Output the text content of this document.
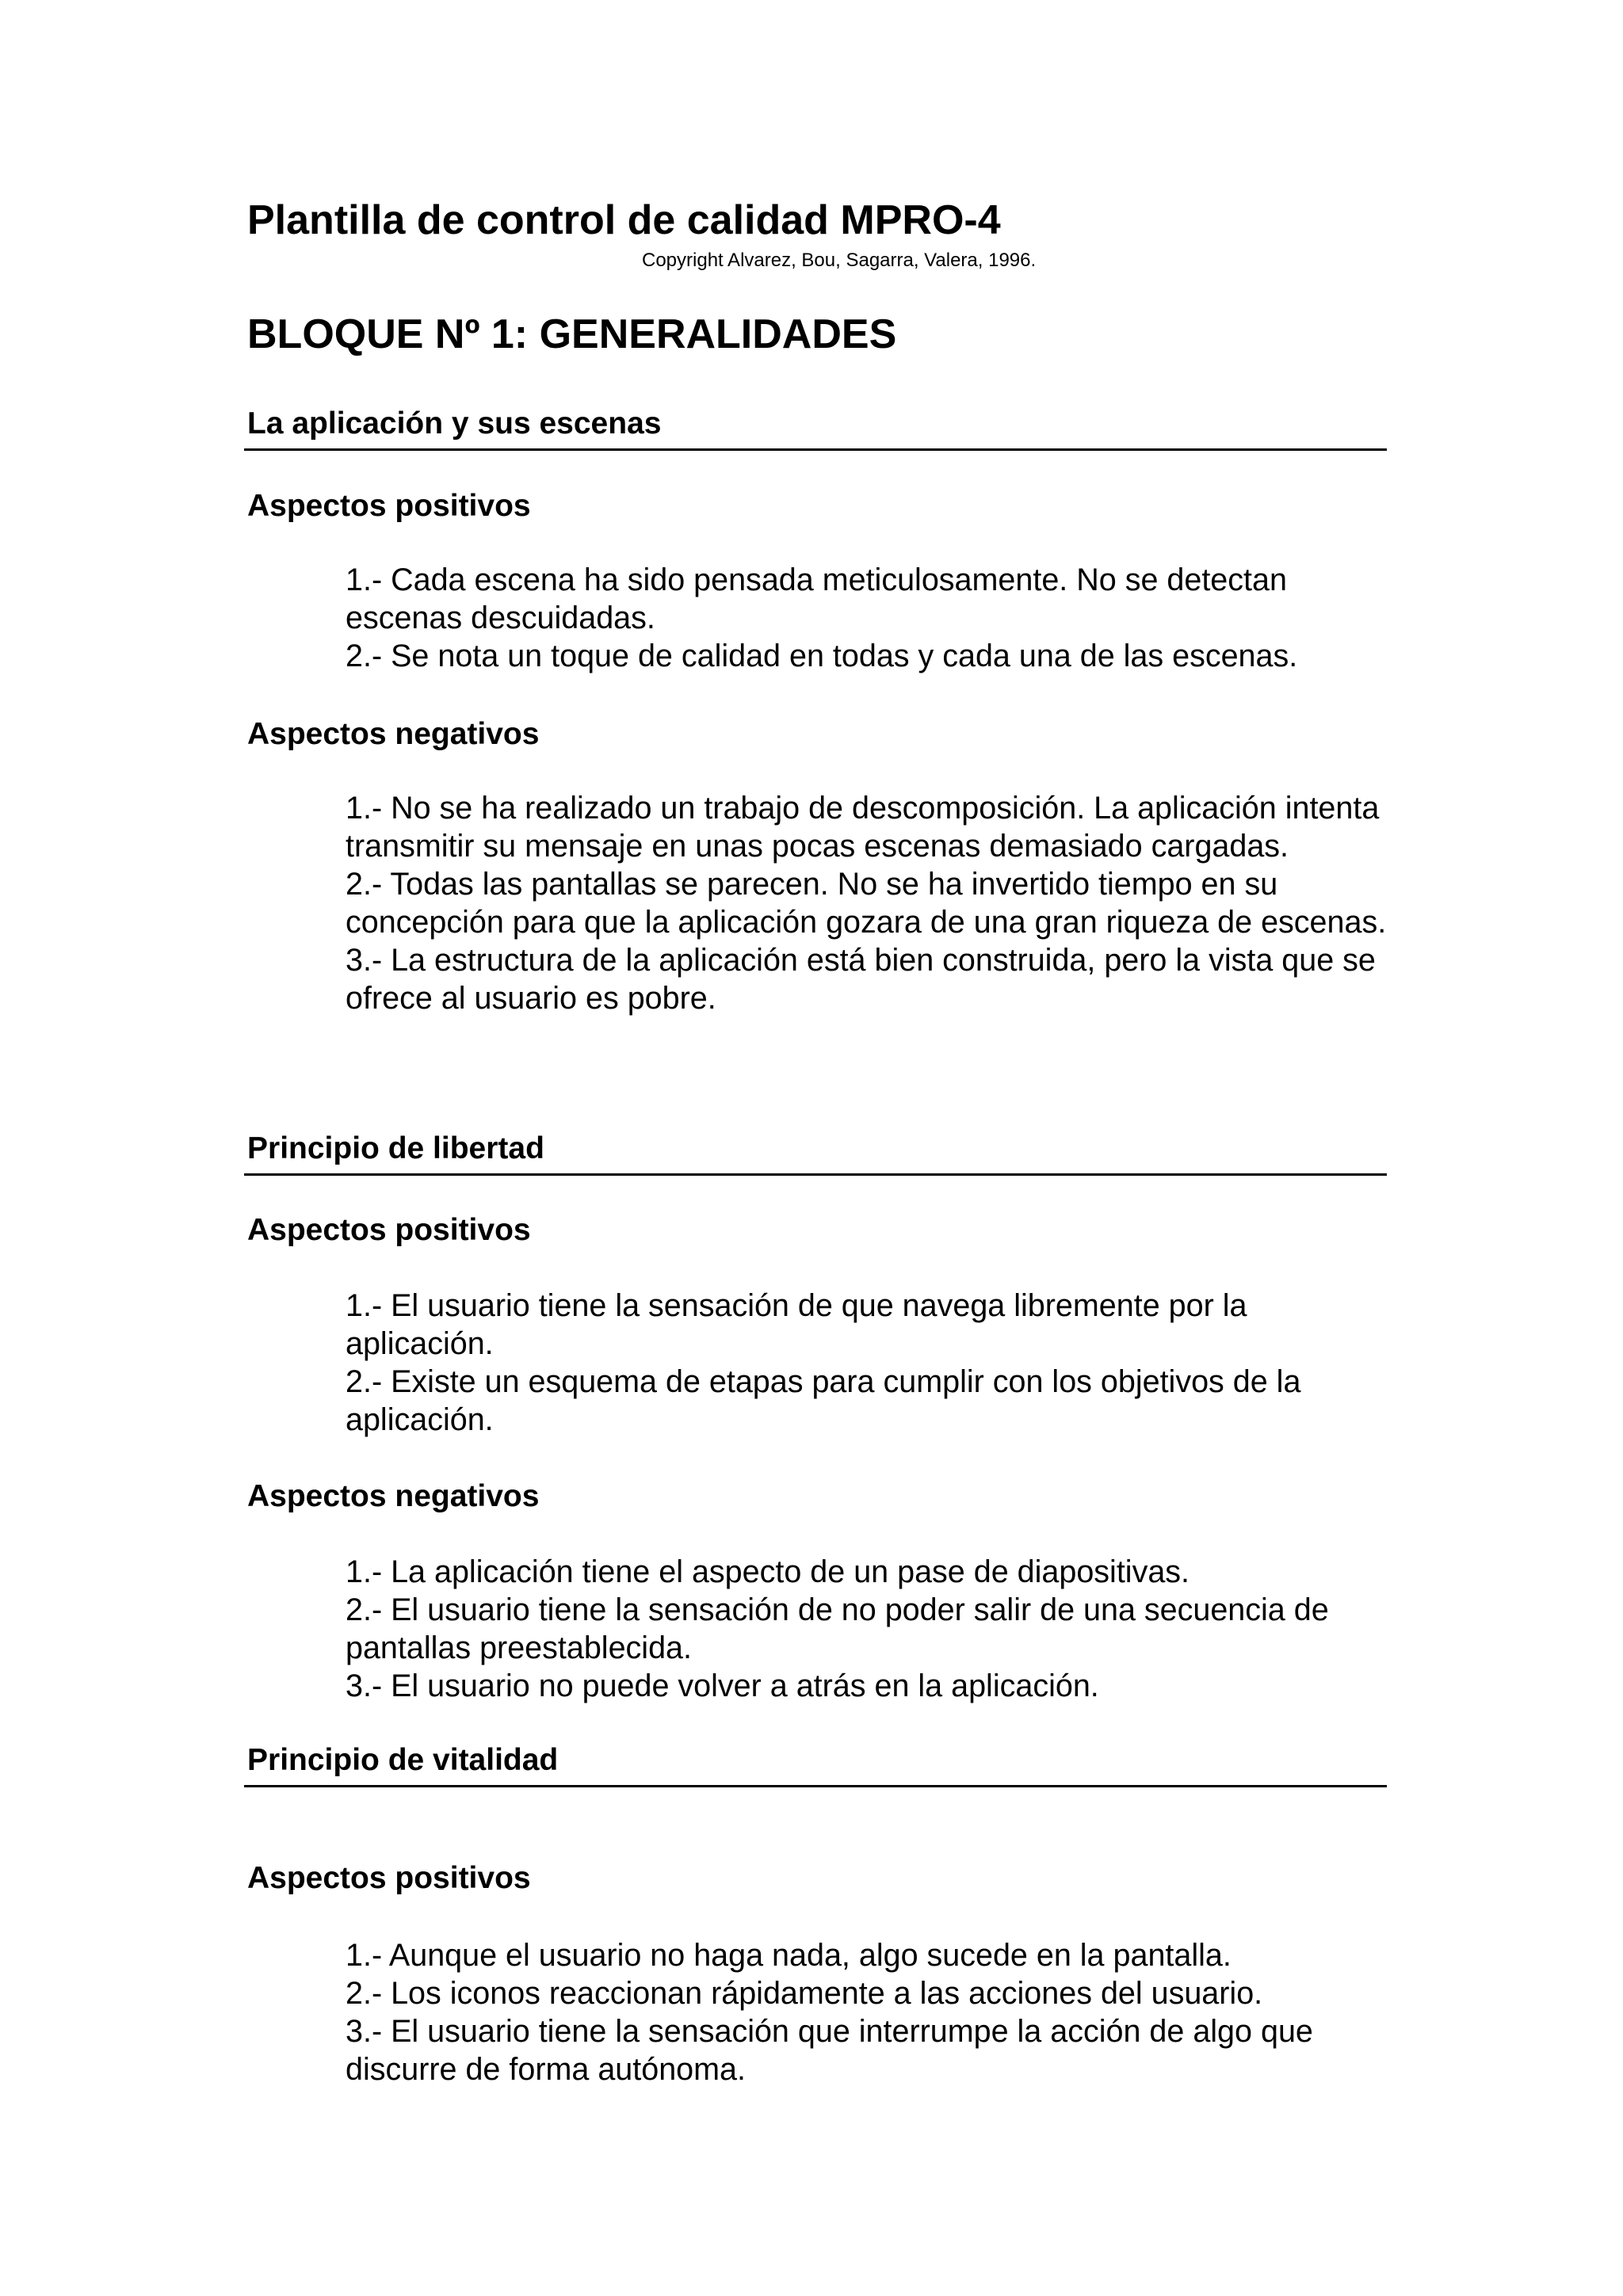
Plantilla de control de calidad MPRO-4
Copyright Alvarez, Bou, Sagarra, Valera, 1996.
BLOQUE Nº 1: GENERALIDADES
La aplicación y sus escenas
Aspectos positivos
1.- Cada escena ha sido pensada meticulosamente. No se detectan escenas descuidadas.
2.- Se nota un toque de calidad en todas y cada una de las escenas.
Aspectos negativos
1.- No se ha realizado un trabajo de descomposición. La aplicación intenta transmitir su mensaje en unas pocas escenas demasiado cargadas.
2.- Todas las pantallas se parecen. No se ha invertido tiempo en su concepción para que la aplicación gozara de una gran riqueza de escenas.
3.- La estructura de la aplicación está bien construida, pero la vista que se ofrece al usuario es pobre.
Principio de libertad
Aspectos positivos
1.- El usuario tiene la sensación de que navega libremente por la aplicación.
2.- Existe un esquema de etapas para cumplir con los objetivos de la aplicación.
Aspectos negativos
1.- La aplicación tiene el aspecto de un pase de diapositivas.
2.- El usuario tiene la sensación de no poder salir de una secuencia de pantallas preestablecida.
3.- El usuario no puede volver a atrás en la aplicación.
Principio de vitalidad
Aspectos positivos
1.- Aunque el usuario no haga nada, algo sucede en la pantalla.
2.- Los iconos reaccionan rápidamente a las acciones del usuario.
3.- El usuario tiene la sensación que interrumpe la acción de algo que discurre de forma autónoma.
